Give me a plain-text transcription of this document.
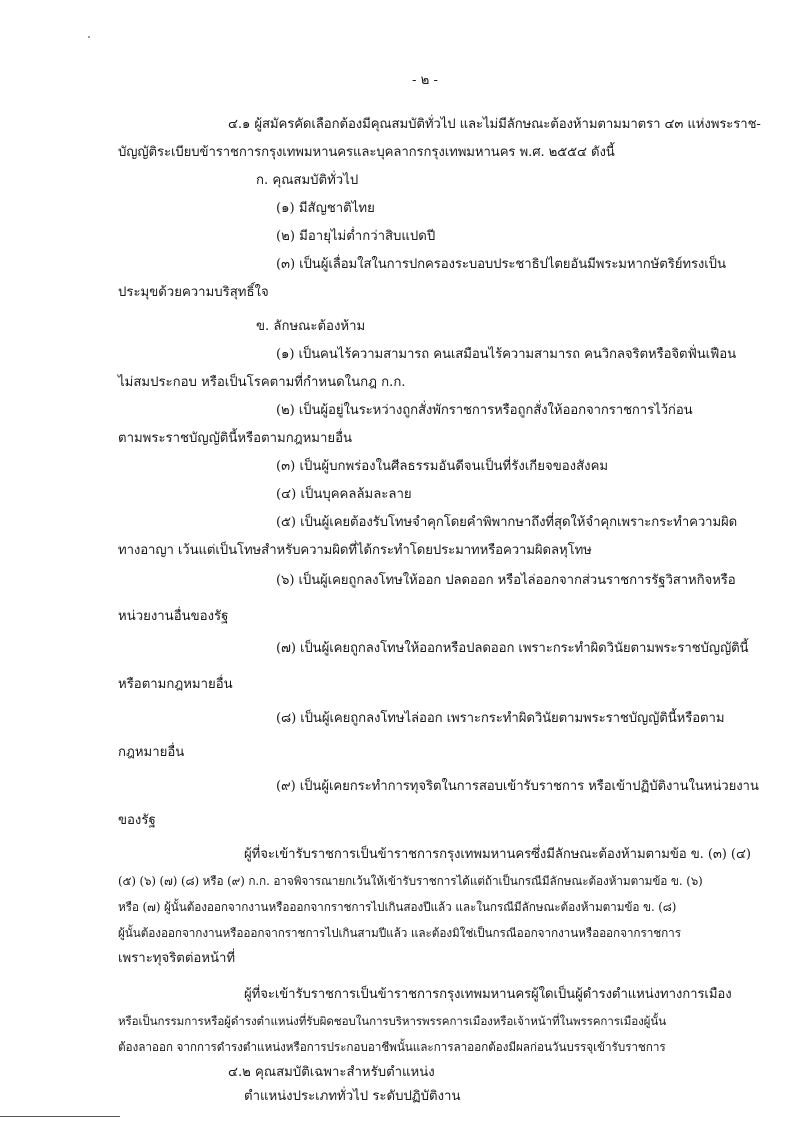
- ๒ -
๔.๑ ผู้สมัครคัดเลือกต้องมีคุณสมบัติทั่วไป และไม่มีลักษณะต้องห้ามตามมาตรา ๔๓ แห่งพระราช-
บัญญัติระเบียบข้าราชการกรุงเทพมหานครและบุคลากรกรุงเทพมหานคร พ.ศ. ๒๕๕๔ ดังนี้
ก. คุณสมบัติทั่วไป
(๑) มีสัญชาติไทย
(๒) มีอายุไม่ต่ำกว่าสิบแปดปี
(๓) เป็นผู้เลื่อมใสในการปกครองระบอบประชาธิปไตยอันมีพระมหากษัตริย์ทรงเป็น
ประมุขด้วยความบริสุทธิ์ใจ
ข. ลักษณะต้องห้าม
(๑) เป็นคนไร้ความสามารถ คนเสมือนไร้ความสามารถ คนวิกลจริตหรือจิตฟั่นเฟือน
ไม่สมประกอบ หรือเป็นโรคตามที่กำหนดในกฎ ก.ก.
(๒) เป็นผู้อยู่ในระหว่างถูกสั่งพักราชการหรือถูกสั่งให้ออกจากราชการไว้ก่อน
ตามพระราชบัญญัตินี้หรือตามกฎหมายอื่น
(๓) เป็นผู้บกพร่องในศีลธรรมอันดีจนเป็นที่รังเกียจของสังคม
(๔) เป็นบุคคลล้มละลาย
(๕) เป็นผู้เคยต้องรับโทษจำคุกโดยคำพิพากษาถึงที่สุดให้จำคุกเพราะกระทำความผิด
ทางอาญา เว้นแต่เป็นโทษสำหรับความผิดที่ได้กระทำโดยประมาทหรือความผิดลหุโทษ
(๖) เป็นผู้เคยถูกลงโทษให้ออก ปลดออก หรือไล่ออกจากส่วนราชการรัฐวิสาหกิจหรือ
หน่วยงานอื่นของรัฐ
(๗) เป็นผู้เคยถูกลงโทษให้ออกหรือปลดออก เพราะกระทำผิดวินัยตามพระราชบัญญัตินี้
หรือตามกฎหมายอื่น
(๘) เป็นผู้เคยถูกลงโทษไล่ออก เพราะกระทำผิดวินัยตามพระราชบัญญัตินี้หรือตาม
กฎหมายอื่น
(๙) เป็นผู้เคยกระทำการทุจริตในการสอบเข้ารับราชการ หรือเข้าปฏิบัติงานในหน่วยงาน
ของรัฐ
ผู้ที่จะเข้ารับราชการเป็นข้าราชการกรุงเทพมหานครซึ่งมีลักษณะต้องห้ามตามข้อ ข. (๓) (๔)
(๕) (๖) (๗) (๘) หรือ (๙) ก.ก. อาจพิจารณายกเว้นให้เข้ารับราชการได้แต่ถ้าเป็นกรณีมีลักษณะต้องห้ามตามข้อ ข. (๖)
หรือ (๗) ผู้นั้นต้องออกจากงานหรือออกจากราชการไปเกินสองปีแล้ว และในกรณีมีลักษณะต้องห้ามตามข้อ ข. (๘)
ผู้นั้นต้องออกจากงานหรือออกจากราชการไปเกินสามปีแล้ว และต้องมิใช่เป็นกรณีออกจากงานหรือออกจากราชการ
เพราะทุจริตต่อหน้าที่
ผู้ที่จะเข้ารับราชการเป็นข้าราชการกรุงเทพมหานครผู้ใดเป็นผู้ดำรงตำแหน่งทางการเมือง
หรือเป็นกรรมการหรือผู้ดำรงตำแหน่งที่รับผิดชอบในการบริหารพรรคการเมืองหรือเจ้าหน้าที่ในพรรคการเมืองผู้นั้น
ต้องลาออก จากการดำรงตำแหน่งหรือการประกอบอาชีพนั้นและการลาออกต้องมีผลก่อนวันบรรจุเข้ารับราชการ
๔.๒ คุณสมบัติเฉพาะสำหรับตำแหน่ง
ตำแหน่งประเภททั่วไป ระดับปฏิบัติงาน
